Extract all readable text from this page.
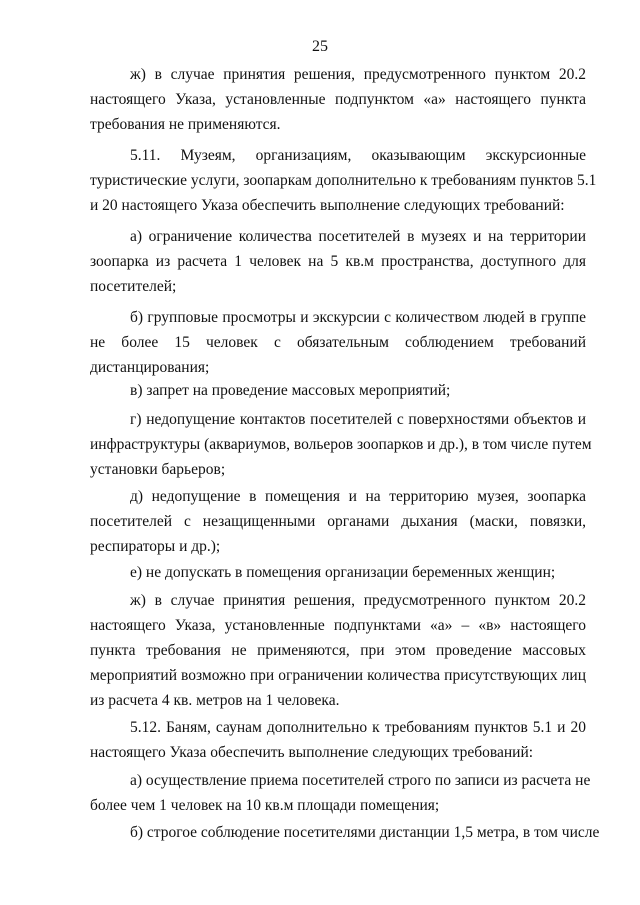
25
ж) в случае принятия решения, предусмотренного пунктом 20.2
настоящего Указа, установленные подпунктом «а» настоящего пункта
требования не применяются.
5.11. Музеям, организациям, оказывающим экскурсионные
туристические услуги, зоопаркам дополнительно к требованиям пунктов 5.1
и 20 настоящего Указа обеспечить выполнение следующих требований:
а) ограничение количества посетителей в музеях и на территории
зоопарка из расчета 1 человек на 5 кв.м пространства, доступного для
посетителей;
б) групповые просмотры и экскурсии с количеством людей в группе
не более 15 человек с обязательным соблюдением требований
дистанцирования;
в) запрет на проведение массовых мероприятий;
г) недопущение контактов посетителей с поверхностями объектов и
инфраструктуры (аквариумов, вольеров зоопарков и др.), в том числе путем
установки барьеров;
д) недопущение в помещения и на территорию музея, зоопарка
посетителей с незащищенными органами дыхания (маски, повязки,
респираторы и др.);
е) не допускать в помещения организации беременных женщин;
ж) в случае принятия решения, предусмотренного пунктом 20.2
настоящего Указа, установленные подпунктами «а» – «в» настоящего
пункта требования не применяются, при этом проведение массовых
мероприятий возможно при ограничении количества присутствующих лиц
из расчета 4 кв. метров на 1 человека.
5.12. Баням, саунам дополнительно к требованиям пунктов 5.1 и 20
настоящего Указа обеспечить выполнение следующих требований:
а) осуществление приема посетителей строго по записи из расчета не
более чем 1 человек на 10 кв.м площади помещения;
б) строгое соблюдение посетителями дистанции 1,5 метра, в том числе
